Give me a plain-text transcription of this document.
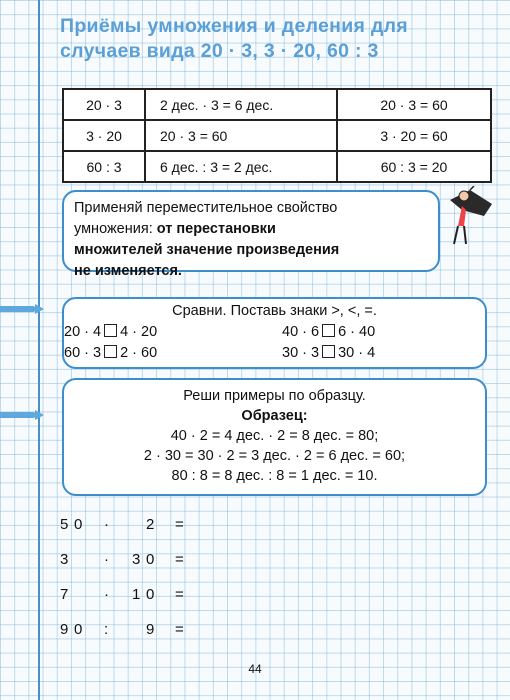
Приёмы умножения и деления для
случаев вида 20 · 3, 3 · 20, 60 : 3
20 · 3	2 дес. · 3 = 6 дес.	20 · 3 = 60
3 · 20	20 · 3 = 60	3 · 20 = 60
60 : 3	6 дес. : 3 = 2 дес.	60 : 3 = 20
Применяй переместительное свойство
умножения: от перестановки
множителей значение произведения
не изменяется.
Сравни. Поставь знаки >, <, =.
20 · 4 4 · 20	40 · 6 6 · 40
60 · 3 2 · 60	30 · 3 30 · 4
Реши примеры по образцу.
Образец:
40 · 2 = 4 дес. · 2 = 8 дес. = 80;
2 · 30 = 30 · 2 = 3 дес. · 2 = 6 дес. = 60;
80 : 8 = 8 дес. : 8 = 1 дес. = 10.
5 0 · 2 =
3 · 3 0 =
7 · 1 0 =
9 0 :	9 =
44
